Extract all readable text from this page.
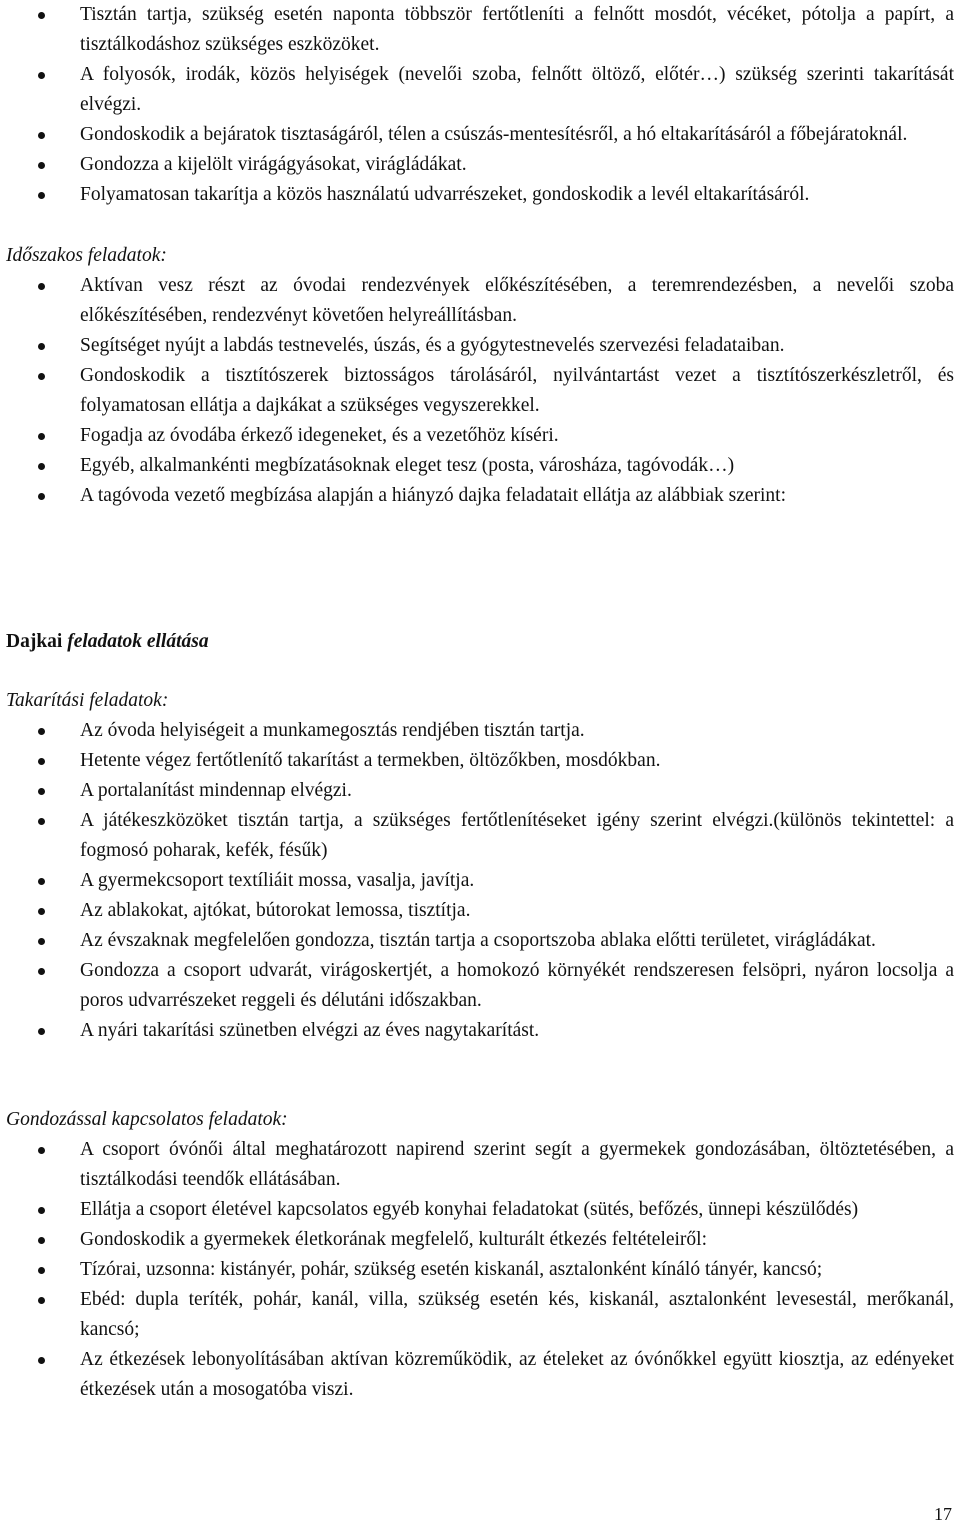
Tisztán tartja, szükség esetén naponta többször fertőtleníti a felnőtt mosdót, vécéket, pótolja a papírt, a tisztálkodáshoz szükséges eszközöket.
A folyosók, irodák, közös helyiségek (nevelői szoba, felnőtt öltöző, előtér…) szükség szerinti takarítását elvégzi.
Gondoskodik a bejáratok tisztaságáról, télen a csúszás-mentesítésről, a hó eltakarításáról a főbejáratoknál.
Gondozza a kijelölt virágágyásokat, virágládákat.
Folyamatosan takarítja a közös használatú udvarrészeket, gondoskodik a levél eltakarításáról.
Időszakos feladatok:
Aktívan vesz részt az óvodai rendezvények előkészítésében, a teremrendezésben, a nevelői szoba előkészítésében, rendezvényt követően helyreállításban.
Segítséget nyújt a labdás testnevelés, úszás, és a gyógytestnevelés szervezési feladataiban.
Gondoskodik a tisztítószerek biztosságos tárolásáról, nyilvántartást vezet a tisztítószerkészletről, és folyamatosan ellátja a dajkákat a szükséges vegyszerekkel.
Fogadja az óvodába érkező idegeneket, és a vezetőhöz kíséri.
Egyéb, alkalmankénti megbízatásoknak eleget tesz (posta, városháza, tagóvodák…)
A tagóvoda vezető megbízása alapján a hiányzó dajka feladatait ellátja az alábbiak szerint:
Dajkai feladatok ellátása
Takarítási feladatok:
Az óvoda helyiségeit a munkamegosztás rendjében tisztán tartja.
Hetente végez fertőtlenítő takarítást a termekben, öltözőkben, mosdókban.
A portalanítást mindennap elvégzi.
A játékeszközöket tisztán tartja, a szükséges fertőtlenítéseket igény szerint elvégzi.(különös tekintettel: a fogmosó poharak, kefék, fésűk)
A gyermekcsoport textíliáit mossa, vasalja, javítja.
Az ablakokat, ajtókat, bútorokat lemossa, tisztítja.
Az évszaknak megfelelően gondozza, tisztán tartja a csoportszoba ablaka előtti területet, virágládákat.
Gondozza a csoport udvarát, virágoskertjét, a homokozó környékét rendszeresen felsöpri, nyáron locsolja a poros udvarrészeket reggeli és délutáni időszakban.
A nyári takarítási szünetben elvégzi az éves nagytakarítást.
Gondozással kapcsolatos feladatok:
A csoport óvónői által meghatározott napirend szerint segít a gyermekek gondozásában, öltöztetésében, a tisztálkodási teendők ellátásában.
Ellátja a csoport életével kapcsolatos egyéb konyhai feladatokat (sütés, befőzés, ünnepi készülődés)
Gondoskodik a gyermekek életkorának megfelelő, kulturált étkezés feltételeiről:
Tízórai, uzsonna: kistányér, pohár, szükség esetén kiskanál, asztalonként kínáló tányér, kancsó;
Ebéd: dupla teríték, pohár, kanál, villa, szükség esetén kés, kiskanál, asztalonként levesestál, merőkanál, kancsó;
Az étkezések lebonyolításában aktívan közreműködik, az ételeket az óvónőkkel együtt kiosztja, az edényeket étkezések után a mosogatóba viszi.
17
